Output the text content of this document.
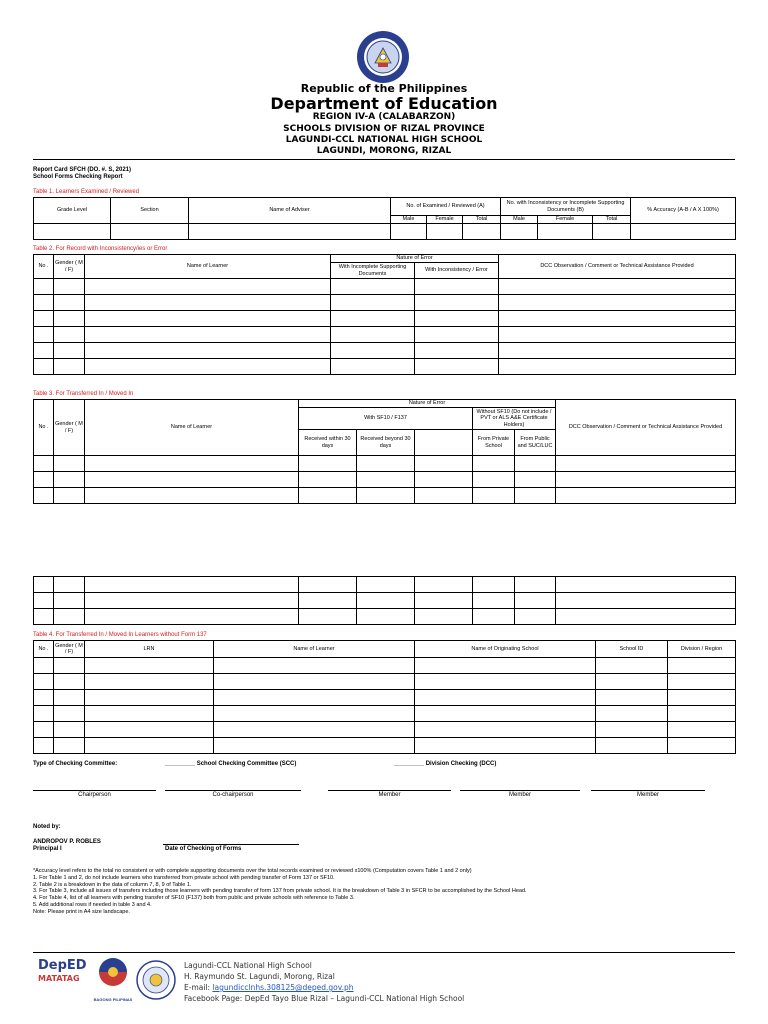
Republic of the Philippines
Department of Education
REGION IV-A (CALABARZON)
SCHOOLS DIVISION OF RIZAL PROVINCE
LAGUNDI-CCL NATIONAL HIGH SCHOOL
LAGUNDI, MORONG, RIZAL
Report Card SFCH (DO. #. S, 2021)
School Forms Checking Report
Table 1. Learners Examined / Reviewed
Grade Level	Section	Name of Adviser	No. of Examined / Reviewed (A)			No. with Inconsistency or Incomplete Supporting Documents (B)			% Accuracy (A-B / A X 100%)
			Male	Female	Total	Male	Female	Total	

Table 2. For Record with Inconsistency/ies or Error
No .	Gender ( M / F)	Name of Learner	Nature of Error		DCC Observation / Comment or Technical Assistance Provided
			With Incomplete Supporting Documents	With Inconsistency / Error	

Table 3. For Transferred In / Moved In
No .	Gender ( M / F)	Name of Learner	Nature of Error					DCC Observation / Comment or Technical Assistance Provided
			With SF10 / F137			Without SF10 (Do not include / PVT or ALS A&E Certificate Holders)		
			Received within 30 days	Received beyond 30 days		From Private School	From Public and SUC/LUC	

Table 4. For Transferred In / Moved In Learners without Form 137
No .	Gender ( M / F)	LRN	Name of Learner	Name of Originating School	School ID	Division / Region

Type of Checking Committee:	_________ School Checking Committee (SCC)	_________ Division Checking (DCC)
Chairperson	Co-chairperson	Member	Member	Member
Noted by:
ANDROPOV P. ROBLES
Principal I	Date of Checking of Forms
*Accuracy level refers to the total no consistent or with complete supporting documents over the total records examined or reviewed x100% (Computation covers Table 1 and 2 only)
1. For Table 1 and 2, do not include learners who transferred from private school with pending transfer of Form 137 or SF10.
2. Table 2 is a breakdown in the data of column 7, 8, 9 of Table 1.
3. For Table 3, include all issues of transfers including those learners with pending transfer of form 137 from private school. It is the breakdown of Table 3 in SFCR to be accomplished by the School Head.
4. For Table 4, list of all learners with pending transfer of SF10 (F137) both from public and private schools with reference to Table 3.
5. Add additional rows if needed in table 3 and 4.
Note: Please print in A4 size landscape.
DepED
MATATAG
BAGONG PILIPINAS
Lagundi-CCL National High School
H. Raymundo St. Lagundi, Morong, Rizal
E-mail: lagundicclnhs.308125@deped.gov.ph
Facebook Page: DepEd Tayo Blue Rizal – Lagundi-CCL National High School
